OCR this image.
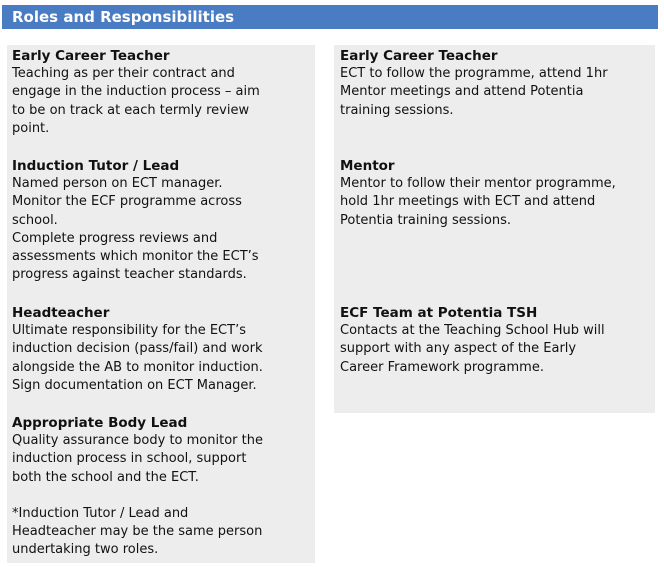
Roles and Responsibilities
Early Career Teacher
Teaching as per their contract and
engage in the induction process – aim
to be on track at each termly review
point.
Induction Tutor / Lead
Named person on ECT manager.
Monitor the ECF programme across
school.
Complete progress reviews and
assessments which monitor the ECT’s
progress against teacher standards.
Headteacher
Ultimate responsibility for the ECT’s
induction decision (pass/fail) and work
alongside the AB to monitor induction.
Sign documentation on ECT Manager.
Appropriate Body Lead
Quality assurance body to monitor the
induction process in school, support
both the school and the ECT.

*Induction Tutor / Lead and
Headteacher may be the same person
undertaking two roles.
Early Career Teacher
ECT to follow the programme, attend 1hr
Mentor meetings and attend Potentia
training sessions.
Mentor
Mentor to follow their mentor programme,
hold 1hr meetings with ECT and attend
Potentia training sessions.
ECF Team at Potentia TSH
Contacts at the Teaching School Hub will
support with any aspect of the Early
Career Framework programme.
